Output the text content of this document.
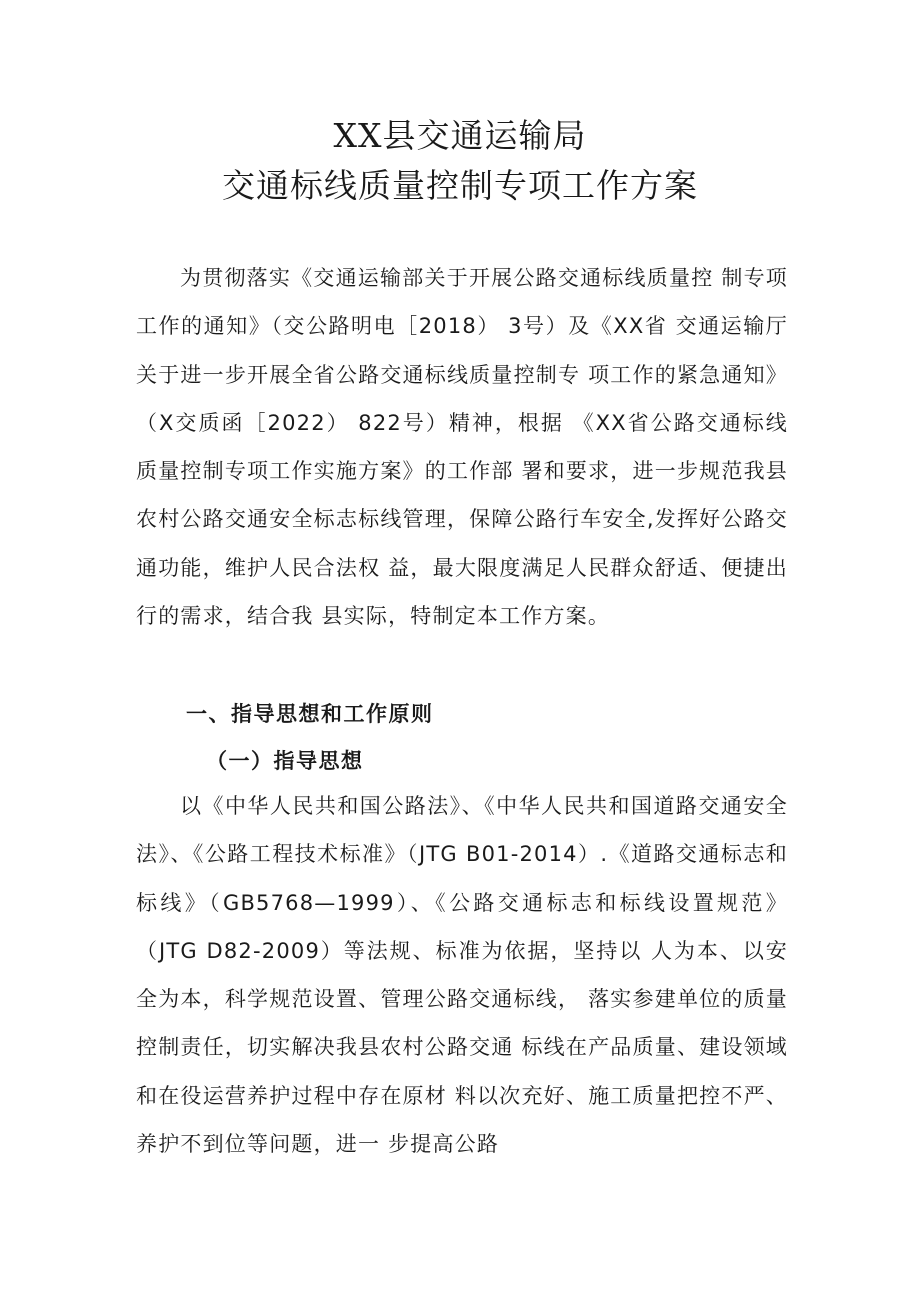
XX县交通运输局
交通标线质量控制专项工作方案

为贯彻落实《交通运输部关于开展公路交通标线质量控 制专项工作的通知》（交公路明电［2018） 3号）及《XX省 交通运输厅关于进一步开展全省公路交通标线质量控制专 项工作的紧急通知》（X交质函［2022） 822号）精神，根据 《XX省公路交通标线质量控制专项工作实施方案》的工作部 署和要求，进一步规范我县农村公路交通安全标志标线管理，保障公路行车安全,发挥好公路交通功能，维护人民合法权 益，最大限度满足人民群众舒适、便捷出行的需求，结合我 县实际，特制定本工作方案。

一、指导思想和工作原则
（一）指导思想

以《中华人民共和国公路法》、《中华人民共和国道路交通安全法》、《公路工程技术标准》（JTG B01-2014）.《道路交通标志和标线》（GB5768—1999）、《公路交通标志和标线设置规范》（JTG D82-2009）等法规、标准为依据，坚持以 人为本、以安全为本，科学规范设置、管理公路交通标线， 落实参建单位的质量控制责任，切实解决我县农村公路交通 标线在产品质量、建设领域和在役运营养护过程中存在原材 料以次充好、施工质量把控不严、养护不到位等问题，进一 步提高公路
